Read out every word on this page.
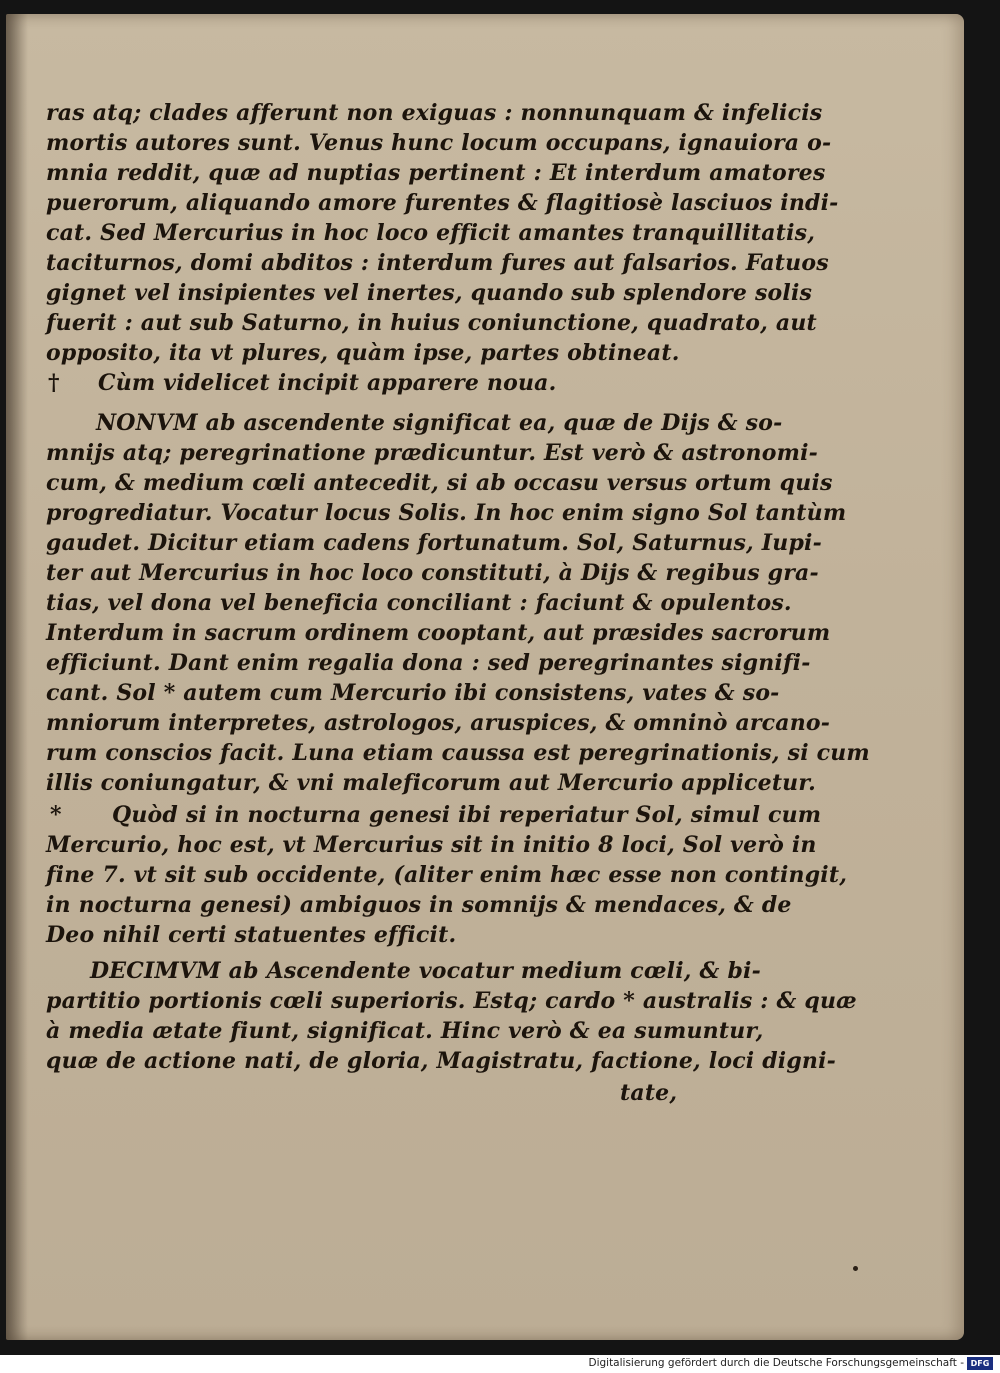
ras atq; clades afferunt non exiguas : nonnunquam & infelicis
mortis autores sunt. Venus hunc locum occupans, ignauiora o-
mnia reddit, quæ ad nuptias pertinent : Et interdum amatores
puerorum, aliquando amore furentes & flagitiosè lasciuos indi-
cat. Sed Mercurius in hoc loco efficit amantes tranquillitatis,
taciturnos, domi abditos : interdum fures aut falsarios. Fatuos
gignet vel insipientes vel inertes, quando sub splendore solis
fuerit : aut sub Saturno, in huius coniunctione, quadrato, aut
opposito, ita vt plures, quàm ipse, partes obtineat.
† Cùm videlicet incipit apparere noua.
NONVM ab ascendente significat ea, quæ de Dijs & so-
mnijs atq; peregrinatione prædicuntur. Est verò & astronomi-
cum, & medium cœli antecedit, si ab occasu versus ortum quis
progrediatur. Vocatur locus Solis. In hoc enim signo Sol tantùm
gaudet. Dicitur etiam cadens fortunatum. Sol, Saturnus, Iupi-
ter aut Mercurius in hoc loco constituti, à Dijs & regibus gra-
tias, vel dona vel beneficia conciliant : faciunt & opulentos.
Interdum in sacrum ordinem cooptant, aut præsides sacrorum
efficiunt. Dant enim regalia dona : sed peregrinantes signifi-
cant. Sol * autem cum Mercurio ibi consistens, vates & so-
mniorum interpretes, astrologos, aruspices, & omninò arcano-
rum conscios facit. Luna etiam caussa est peregrinationis, si cum
illis coniungatur, & vni maleficorum aut Mercurio applicetur.
* Quòd si in nocturna genesi ibi reperiatur Sol, simul cum
Mercurio, hoc est, vt Mercurius sit in initio 8 loci, Sol verò in
fine 7. vt sit sub occidente, (aliter enim hæc esse non contingit,
in nocturna genesi) ambiguos in somnijs & mendaces, & de
Deo nihil certi statuentes efficit.
DECIMVM ab Ascendente vocatur medium cœli, & bi-
partitio portionis cœli superioris. Estq; cardo * australis : & quæ
à media ætate fiunt, significat. Hinc verò & ea sumuntur,
quæ de actione nati, de gloria, Magistratu, factione, loci digni-
tate,
Digitalisierung gefördert durch die Deutsche Forschungsgemeinschaft - DFG
